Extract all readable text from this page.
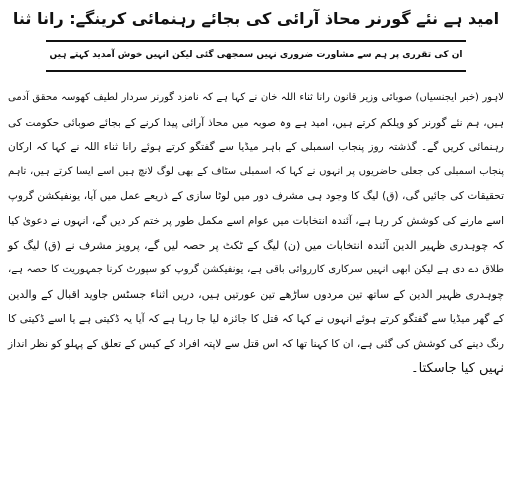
امید ہے نئے گورنر محاذ آرائی کی بجائے رہنمائی کرینگے: رانا ثنا
ان کی تقرری پر ہم سے مشاورت ضروری نہیں سمجھی گئی لیکن انہیں خوش آمدید کہتے ہیں
لاہور (خبر ایجنسیاں) صوبائی وزیر قانون رانا ثناء اللہ خان نے کہا ہے کہ نامزد گورنر سردار لطیف کھوسہ محقق آدمی
ہیں، ہم نئے گورنر کو ویلکم کرتے ہیں، امید ہے وہ صوبہ میں محاذ آرائی پیدا کرنے کے بجائے صوبائی حکومت کی
رہنمائی کریں گے۔ گذشتہ روز پنجاب اسمبلی کے باہر میڈیا سے گفتگو کرتے ہوئے رانا ثناء اللہ نے کہا کہ ارکان
پنجاب اسمبلی کی جعلی حاضریوں پر انہوں نے کہا کہ اسمبلی سٹاف کے بھی لوگ لانچ ہیں اسے ایسا کرتے ہیں، تاہم
تحقیقات کی جائیں گی، (ق) لیگ کا وجود ہی مشرف دور میں لوٹا سازی کے ذریعے عمل میں آیا، یونفیکشن گروپ
اسے مارنے کی کوشش کر رہا ہے، آئندہ انتخابات میں عوام اسے مکمل طور پر ختم کر دیں گے، انہوں نے دعویٰ کیا
کہ چوہدری ظہیر الدین آئندہ انتخابات میں (ن) لیگ کے ٹکٹ پر حصہ لیں گے، پرویز مشرف نے (ق) لیگ کو
طلاق دے دی ہے لیکن ابھی انہیں سرکاری کارروائی باقی ہے، یونفیکشن گروپ کو سپورٹ کرنا جمہوریت کا حصہ ہے،
چوہدری ظہیر الدین کے ساتھ تین مردوں ساڑھے تین عورتیں ہیں، دریں اثناء جسٹس جاوید اقبال کے والدین
کے گھر میڈیا سے گفتگو کرتے ہوئے انہوں نے کہا کہ قتل کا جائزہ لیا جا رہا ہے کہ آیا یہ ڈکیتی ہے یا اسے ڈکیتی کا
رنگ دینے کی کوشش کی گئی ہے، ان کا کہنا تھا کہ اس قتل سے لاپتہ افراد کے کیس کے تعلق کے پہلو کو نظر انداز
نہیں کیا جاسکتا۔
